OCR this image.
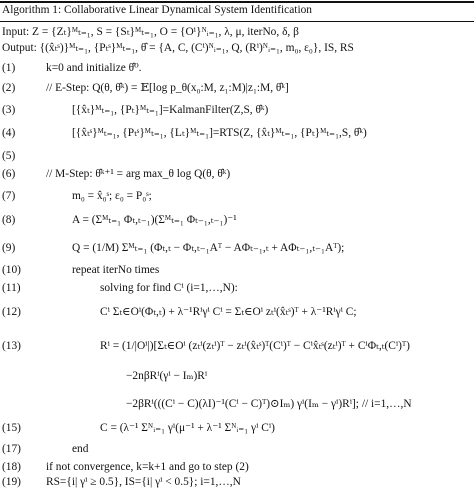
Algorithm 1: Collaborative Linear Dynamical System Identification
Input: Z = {Zₜ}ᴹₜ₌₁, S = {Sₜ}ᴹₜ₌₁, O = {Oⁱ}ᴺᵢ₌₁, λ, μ, iterNo, δ, β
Output: {(x̂ₜˢ)}ᴹₜ₌₁, {Pₜˢ}ᴹₜ₌₁, θ̂ = {A, C, (Cⁱ)ᴺᵢ₌₁, Q, (Rⁱ)ᴺᵢ₌₁, m₀, ε₀}, IS, RS
(1)	k=0 and initialize θ̂⁰.
(2)	// E-Step: Q(θ, θ̂ᵏ) = 𝔼[log p_θ(x₀:M, z₁:M)|z₁:M, θ̂ᵏ]
(3)	[{x̂ₜ}ᴹₜ₌₁, {Pₜ}ᴹₜ₌₁]=KalmanFilter(Z,S, θ̂ᵏ)
(4)	[{x̂ₜˢ}ᴹₜ₌₁, {Pₜˢ}ᴹₜ₌₁, {Lₜ}ᴹₜ₌₁]=RTS(Z, {x̂ₜ}ᴹₜ₌₁, {Pₜ}ᴹₜ₌₁,S, θ̂ᵏ)
(5)
(6)	// M-Step: θ̂ᵏ⁺¹ = arg max_θ log Q(θ, θ̂ᵏ)
(7)	m₀ = x̂₀ˢ; ε₀ = P₀ˢ;
(8)	A = (Σᴹₜ₌₁ Φₜ,ₜ₋₁)(Σᴹₜ₌₁ Φₜ₋₁,ₜ₋₁)⁻¹
(9)	Q = (1/M) Σᴹₜ₌₁ (Φₜ,ₜ − Φₜ,ₜ₋₁Aᵀ − AΦₜ₋₁,ₜ + AΦₜ₋₁,ₜ₋₁Aᵀ);
(10)	repeat iterNo times
(11)	solving for find Cⁱ (i=1,…,N):
(12)	Cⁱ Σₜ∈Oⁱ(Φₜ,ₜ) + λ⁻¹Rⁱγⁱ Cⁱ = Σₜ∈Oⁱ zₜⁱ(x̂ₜˢ)ᵀ + λ⁻¹Rⁱγⁱ C;
(13)	Rⁱ = (1/|Oⁱ|)[Σₜ∈Oⁱ (zₜⁱ(zₜⁱ)ᵀ − zₜⁱ(x̂ₜˢ)ᵀ(Cⁱ)ᵀ − Cⁱx̂ₜˢ(zₜⁱ)ᵀ + CⁱΦₜ,ₜ(Cⁱ)ᵀ)
−2nβRⁱ(γⁱ − Iₘ)Rⁱ
−2βRⁱ(((Cⁱ − C)(λI)⁻¹(Cⁱ − C)ᵀ)⊙Iₘ) γⁱ(Iₘ − γⁱ)Rⁱ]; // i=1,…,N
(15)	C = (λ⁻¹ Σᴺᵢ₌₁ γⁱ(μ⁻¹ + λ⁻¹ Σᴺᵢ₌₁ γⁱ Cⁱ)
(17)	end
(18) if not convergence, k=k+1 and go to step (2)
(19) RS={i| γⁱ ≥ 0.5}, IS={i| γⁱ < 0.5}; i=1,…,N
